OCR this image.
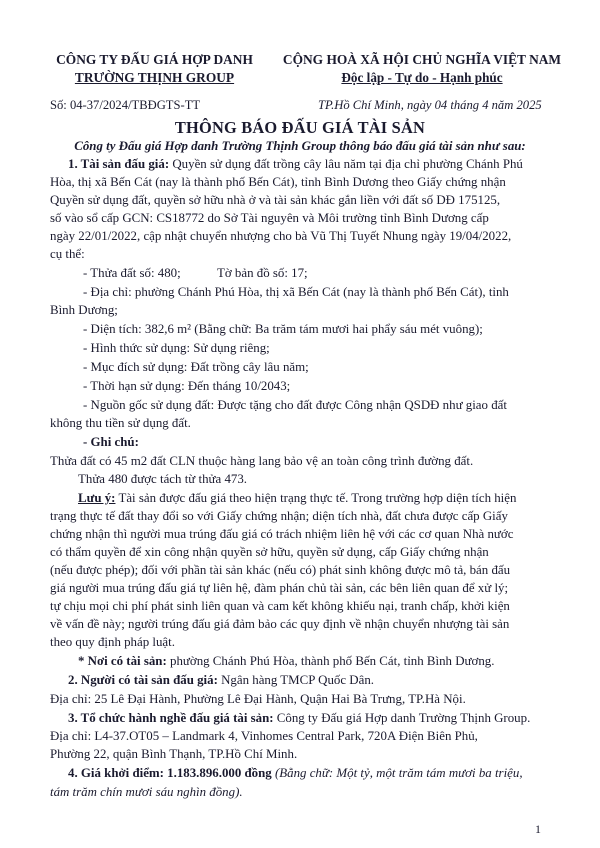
CÔNG TY ĐẤU GIÁ HỢP DANH
TRƯỜNG THỊNH GROUP
CỘNG HOÀ XÃ HỘI CHỦ NGHĨA VIỆT NAM
Độc lập - Tự do - Hạnh phúc
Số: 04-37/2024/TBĐGTS-TT	TP.Hồ Chí Minh, ngày 04 tháng 4 năm 2025
THÔNG BÁO ĐẤU GIÁ TÀI SẢN
Công ty Đấu giá Hợp danh Trường Thịnh Group thông báo đấu giá tài sản như sau:
1. Tài sản đấu giá: Quyền sử dụng đất trồng cây lâu năm tại địa chỉ phường Chánh Phú
Hòa, thị xã Bến Cát (nay là thành phố Bến Cát), tỉnh Bình Dương theo Giấy chứng nhận
Quyền sử dụng đất, quyền sở hữu nhà ở và tài sản khác gắn liền với đất số DĐ 175125,
số vào sổ cấp GCN: CS18772 do Sở Tài nguyên và Môi trường tỉnh Bình Dương cấp
ngày 22/01/2022, cập nhật chuyển nhượng cho bà Vũ Thị Tuyết Nhung ngày 19/04/2022,
cụ thể:
- Thửa đất số: 480;	Tờ bản đồ số: 17;
- Địa chỉ: phường Chánh Phú Hòa, thị xã Bến Cát (nay là thành phố Bến Cát), tỉnh
Bình Dương;
- Diện tích: 382,6 m² (Bằng chữ: Ba trăm tám mươi hai phẩy sáu mét vuông);
- Hình thức sử dụng: Sử dụng riêng;
- Mục đích sử dụng: Đất trồng cây lâu năm;
- Thời hạn sử dụng: Đến tháng 10/2043;
- Nguồn gốc sử dụng đất: Được tặng cho đất được Công nhận QSDĐ như giao đất
không thu tiền sử dụng đất.
- Ghi chú:
Thửa đất có 45 m2 đất CLN thuộc hàng lang bảo vệ an toàn công trình đường đất.
Thửa 480 được tách từ thửa 473.
Lưu ý: Tài sản được đấu giá theo hiện trạng thực tế. Trong trường hợp diện tích hiện
trạng thực tế đất thay đổi so với Giấy chứng nhận; diện tích nhà, đất chưa được cấp Giấy
chứng nhận thì người mua trúng đấu giá có trách nhiệm liên hệ với các cơ quan Nhà nước
có thẩm quyền để xin công nhận quyền sở hữu, quyền sử dụng, cấp Giấy chứng nhận
(nếu được phép); đối với phần tài sản khác (nếu có) phát sinh không được mô tả, bán đấu
giá người mua trúng đấu giá tự liên hệ, đàm phán chủ tài sản, các bên liên quan để xử lý;
tự chịu mọi chi phí phát sinh liên quan và cam kết không khiếu nại, tranh chấp, khởi kiện
về vấn đề này; người trúng đấu giá đảm bảo các quy định về nhận chuyển nhượng tài sản
theo quy định pháp luật.
* Nơi có tài sản: phường Chánh Phú Hòa, thành phố Bến Cát, tỉnh Bình Dương.
2. Người có tài sản đấu giá: Ngân hàng TMCP Quốc Dân.
Địa chỉ: 25 Lê Đại Hành, Phường Lê Đại Hành, Quận Hai Bà Trưng, TP.Hà Nội.
3. Tổ chức hành nghề đấu giá tài sản: Công ty Đấu giá Hợp danh Trường Thịnh Group.
Địa chỉ: L4-37.OT05 – Landmark 4, Vinhomes Central Park, 720A Điện Biên Phủ,
Phường 22, quận Bình Thạnh, TP.Hồ Chí Minh.
4. Giá khởi điểm: 1.183.896.000 đồng (Bằng chữ: Một tỷ, một trăm tám mươi ba triệu,
tám trăm chín mươi sáu nghìn đồng).
1
